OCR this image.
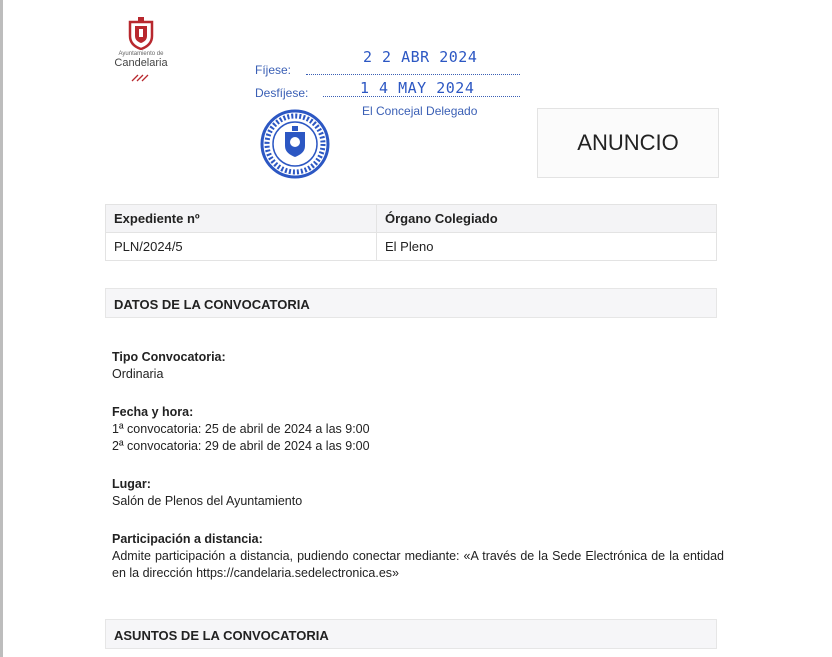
Ayuntamiento de
Candelaria	2 2 ABR 2024
Fíjese:
Desfíjese:	1 4 MAY 2024
El Concejal Delegado
ANUNCIO
Expediente nº	Órgano Colegiado
PLN/2024/5	El Pleno
DATOS DE LA CONVOCATORIA
Tipo Convocatoria:
Ordinaria
Fecha y hora:
1ª convocatoria: 25 de abril de 2024 a las 9:00
2ª convocatoria: 29 de abril de 2024 a las 9:00
Lugar:
Salón de Plenos del Ayuntamiento
Participación a distancia:
Admite participación a distancia, pudiendo conectar mediante: «A través de la Sede Electrónica de la entidad en la dirección https://candelaria.sedelectronica.es»
ASUNTOS DE LA CONVOCATORIA
